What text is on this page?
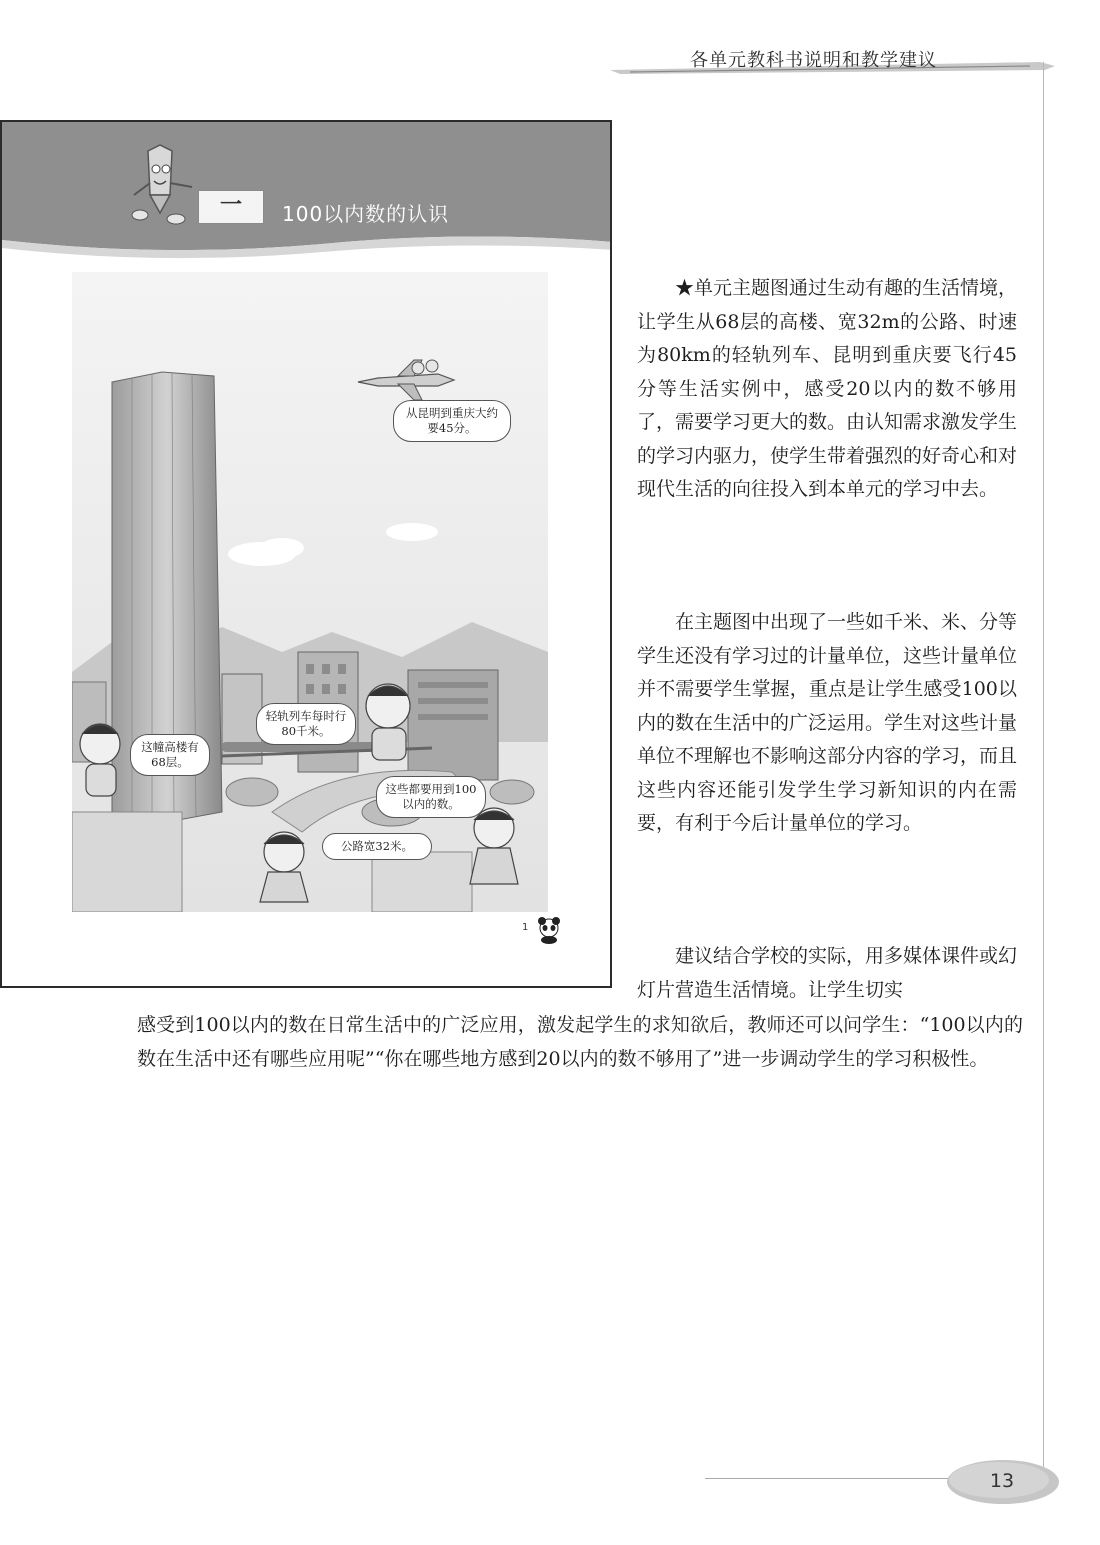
各单元教科书说明和教学建议
一	100以内数的认识
从昆明到重庆大约要45分。
这幢高楼有68层。
轻轨列车每时行80千米。
这些都要用到100以内的数。
公路宽32米。
1

★单元主题图通过生动有趣的生活情境，让学生从68层的高楼、宽32m的公路、时速为80km的轻轨列车、昆明到重庆要飞行45分等生活实例中，感受20以内的数不够用了，需要学习更大的数。由认知需求激发学生的学习内驱力，使学生带着强烈的好奇心和对现代生活的向往投入到本单元的学习中去。

在主题图中出现了一些如千米、米、分等学生还没有学习过的计量单位，这些计量单位并不需要学生掌握，重点是让学生感受100以内的数在生活中的广泛运用。学生对这些计量单位不理解也不影响这部分内容的学习，而且这些内容还能引发学生学习新知识的内在需要，有利于今后计量单位的学习。

建议结合学校的实际，用多媒体课件或幻灯片营造生活情境。让学生切实

感受到100以内的数在日常生活中的广泛应用，激发起学生的求知欲后，教师还可以问学生：“100以内的数在生活中还有哪些应用呢”“你在哪些地方感到20以内的数不够用了”进一步调动学生的学习积极性。

13
